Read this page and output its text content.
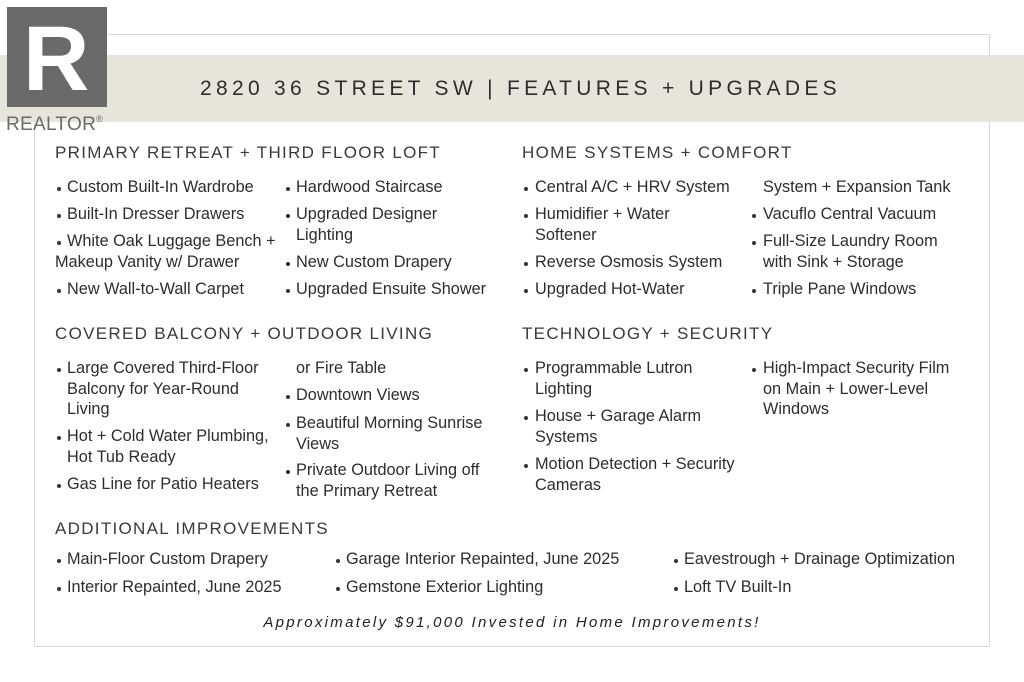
2820 36 STREET SW | FEATURES + UPGRADES
R
REALTOR®
PRIMARY RETREAT + THIRD FLOOR LOFT
Custom Built-In Wardrobe
Built-In Dresser Drawers
White Oak Luggage Bench + Makeup Vanity w/ Drawer
New Wall-to-Wall Carpet
Hardwood Staircase
Upgraded Designer Lighting
New Custom Drapery
Upgraded Ensuite Shower
HOME SYSTEMS + COMFORT
Central A/C + HRV System
Humidifier + Water Softener
Reverse Osmosis System
Upgraded Hot-Water
System + Expansion Tank
Vacuflo Central Vacuum
Full-Size Laundry Room with Sink + Storage
Triple Pane Windows
COVERED BALCONY + OUTDOOR LIVING
Large Covered Third-Floor Balcony for Year-Round Living
Hot + Cold Water Plumbing, Hot Tub Ready
Gas Line for Patio Heaters
or Fire Table
Downtown Views
Beautiful Morning Sunrise Views
Private Outdoor Living off the Primary Retreat
TECHNOLOGY + SECURITY
Programmable Lutron Lighting
House + Garage Alarm Systems
Motion Detection + Security Cameras
High-Impact Security Film on Main + Lower-Level Windows
ADDITIONAL IMPROVEMENTS
Main-Floor Custom Drapery
Interior Repainted, June 2025
Garage Interior Repainted, June 2025
Gemstone Exterior Lighting
Eavestrough + Drainage Optimization
Loft TV Built-In
Approximately $91,000 Invested in Home Improvements!
